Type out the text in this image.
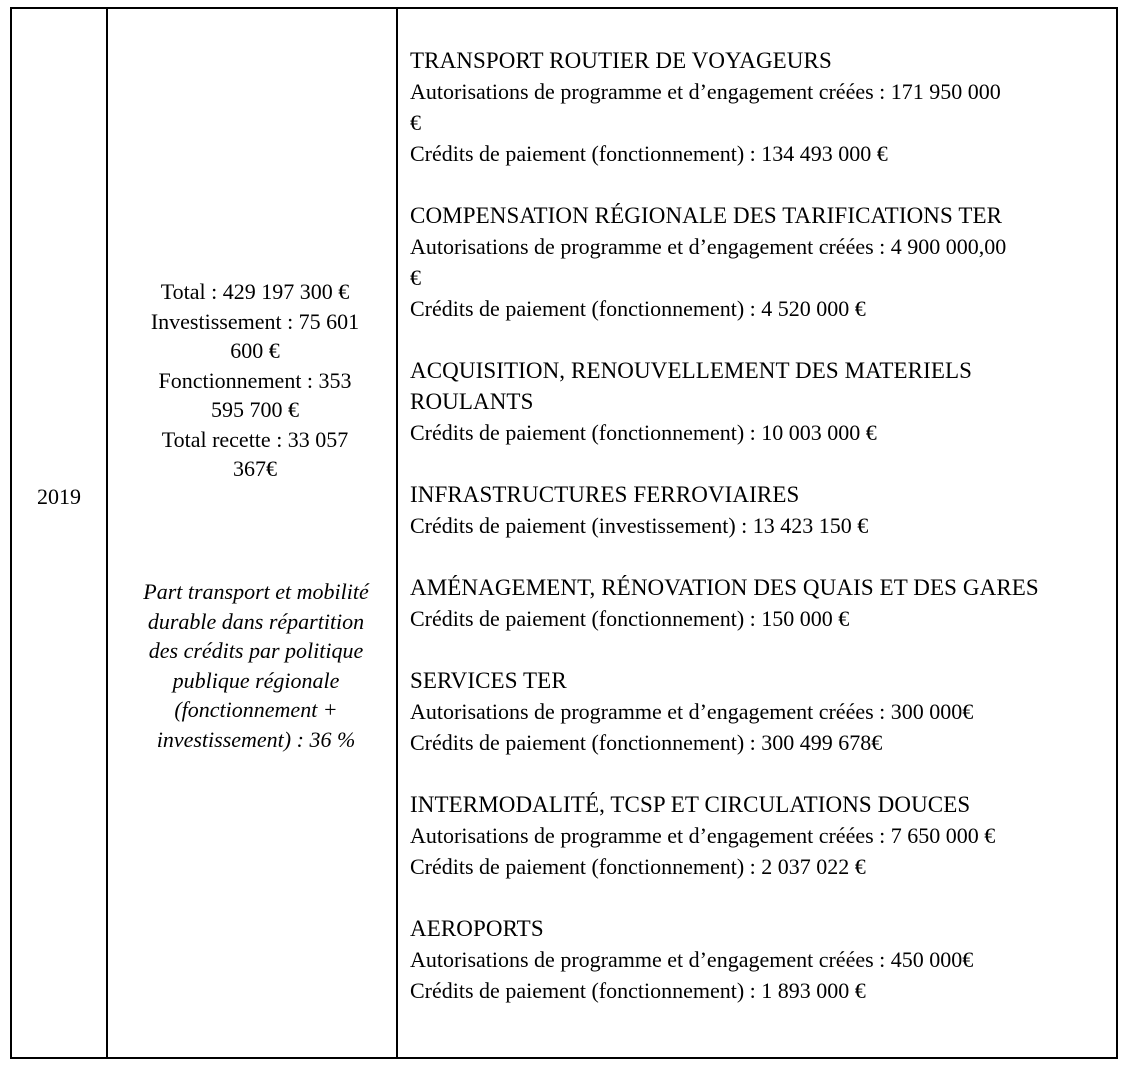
2019
Total : 429 197 300 €
Investissement : 75 601
600 €
Fonctionnement : 353
595 700 €
Total recette : 33 057
367€
Part transport et mobilité
durable dans répartition
des crédits par politique
publique régionale
(fonctionnement +
investissement) : 36 %
TRANSPORT ROUTIER DE VOYAGEURS
Autorisations de programme et d’engagement créées : 171 950 000
€
Crédits de paiement (fonctionnement) : 134 493 000 €
COMPENSATION RÉGIONALE DES TARIFICATIONS TER
Autorisations de programme et d’engagement créées : 4 900 000,00
€
Crédits de paiement (fonctionnement) : 4 520 000 €
ACQUISITION, RENOUVELLEMENT DES MATERIELS
ROULANTS
Crédits de paiement (fonctionnement) : 10 003 000 €
INFRASTRUCTURES FERROVIAIRES
Crédits de paiement (investissement) : 13 423 150 €
AMÉNAGEMENT, RÉNOVATION DES QUAIS ET DES GARES
Crédits de paiement (fonctionnement) : 150 000 €
SERVICES TER
Autorisations de programme et d’engagement créées : 300 000€
Crédits de paiement (fonctionnement) : 300 499 678€
INTERMODALITÉ, TCSP ET CIRCULATIONS DOUCES
Autorisations de programme et d’engagement créées : 7 650 000 €
Crédits de paiement (fonctionnement) : 2 037 022 €
AEROPORTS
Autorisations de programme et d’engagement créées : 450 000€
Crédits de paiement (fonctionnement) : 1 893 000 €
